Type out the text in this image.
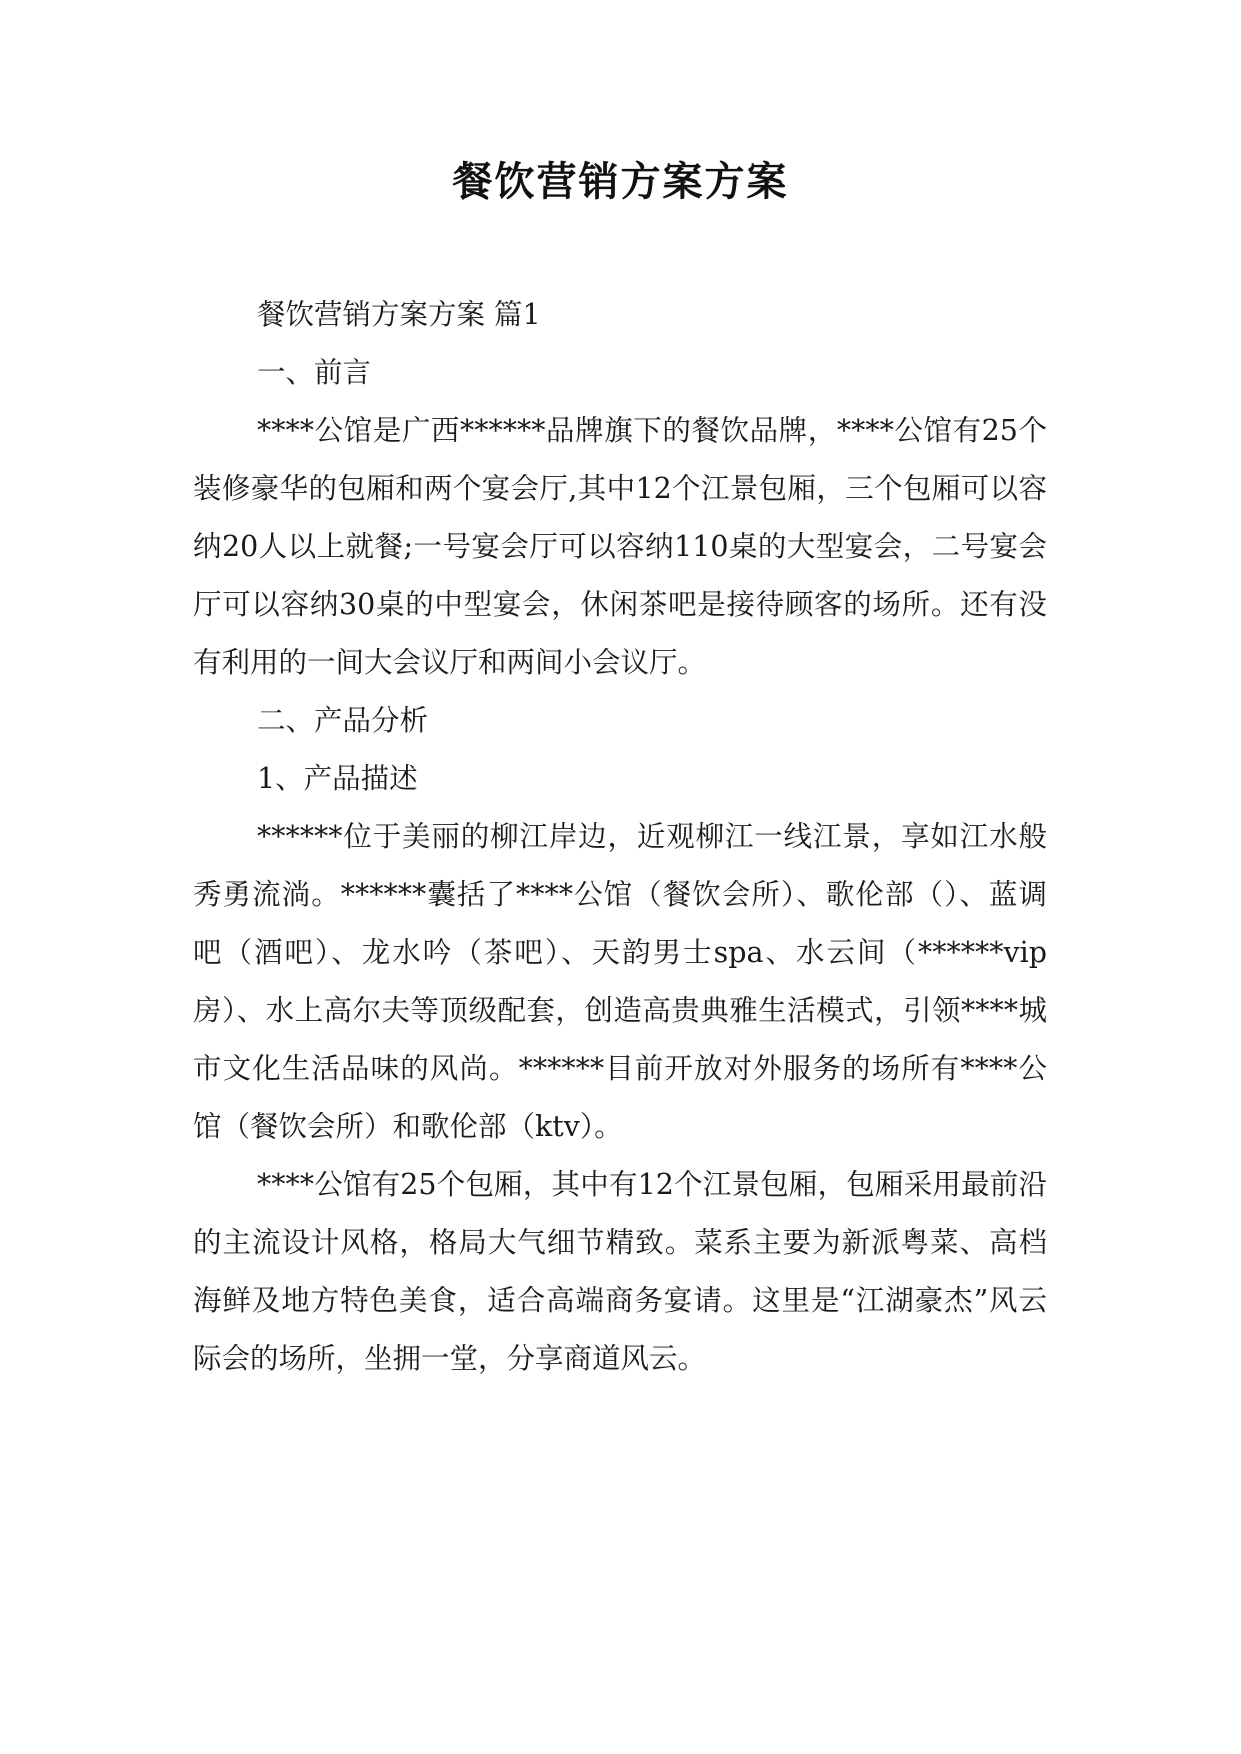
餐饮营销方案方案

餐饮营销方案方案 篇1

一、前言

****公馆是广西******品牌旗下的餐饮品牌，****公馆有25个装修豪华的包厢和两个宴会厅,其中12个江景包厢，三个包厢可以容纳20人以上就餐;一号宴会厅可以容纳110桌的大型宴会，二号宴会厅可以容纳30桌的中型宴会，休闲茶吧是接待顾客的场所。还有没有利用的一间大会议厅和两间小会议厅。

二、产品分析

1、产品描述

******位于美丽的柳江岸边，近观柳江一线江景，享如江水般秀勇流淌。******囊括了****公馆（餐饮会所）、歌伦部（）、蓝调吧（酒吧）、龙水吟（茶吧）、天韵男士spa、水云间（******vip房）、水上高尔夫等顶级配套，创造高贵典雅生活模式，引领****城市文化生活品味的风尚。******目前开放对外服务的场所有****公馆（餐饮会所）和歌伦部（ktv）。

****公馆有25个包厢，其中有12个江景包厢，包厢采用最前沿的主流设计风格，格局大气细节精致。菜系主要为新派粤菜、高档海鲜及地方特色美食，适合高端商务宴请。这里是“江湖豪杰”风云际会的场所，坐拥一堂，分享商道风云。
